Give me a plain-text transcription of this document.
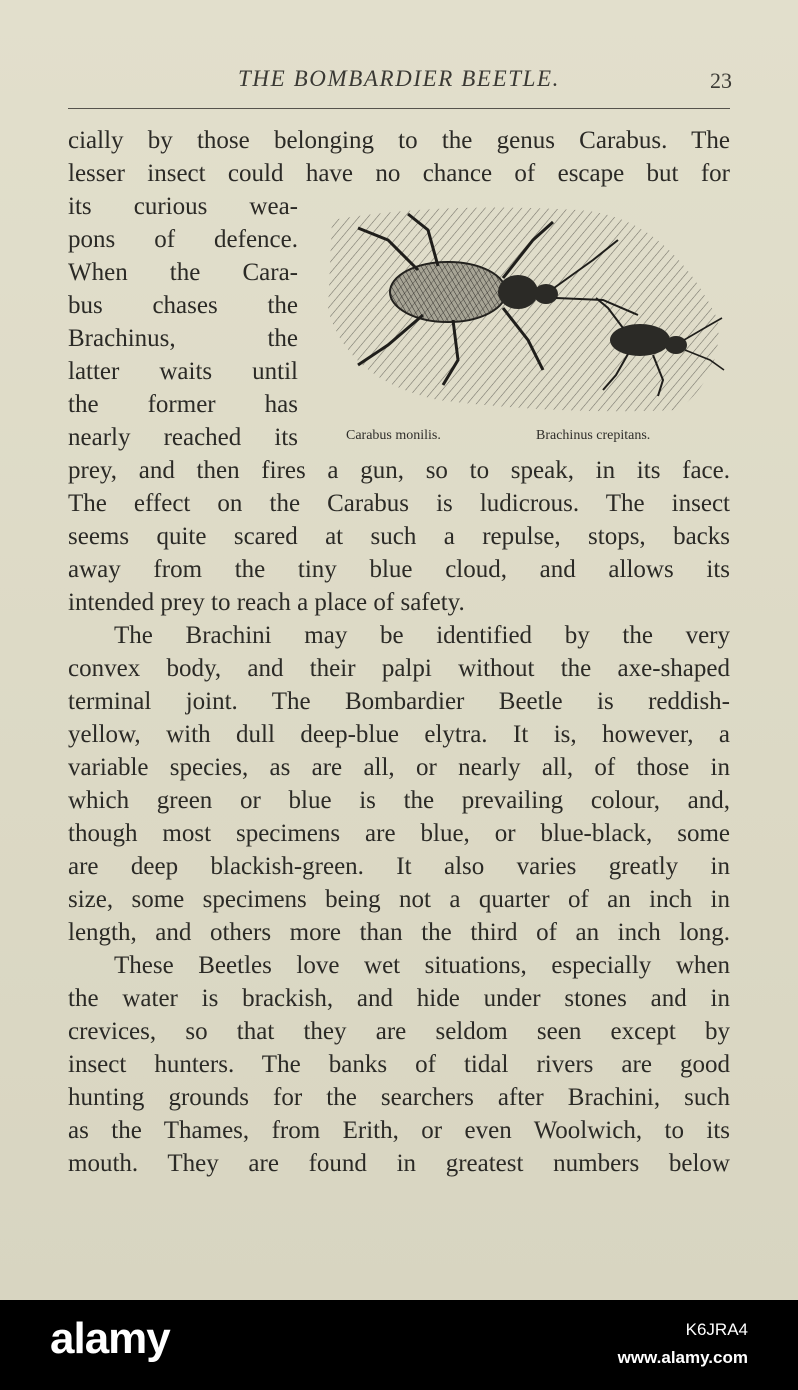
THE BOMBARDIER BEETLE.	23
cially by those belonging to the genus Carabus. The
lesser insect could have no chance of escape but for
its curious wea-
pons of defence.
When the Cara-
bus chases the
Brachinus, the
latter waits until
the former has
nearly reached its
prey, and then fires a gun, so to speak, in its face.
The effect on the Carabus is ludicrous. The insect
seems quite scared at such a repulse, stops, backs
away from the tiny blue cloud, and allows its
intended prey to reach a place of safety.
The Brachini may be identified by the very
convex body, and their palpi without the axe-shaped
terminal joint. The Bombardier Beetle is reddish-
yellow, with dull deep-blue elytra. It is, however, a
variable species, as are all, or nearly all, of those in
which green or blue is the prevailing colour, and,
though most specimens are blue, or blue-black, some
are deep blackish-green. It also varies greatly in
size, some specimens being not a quarter of an inch in
length, and others more than the third of an inch long.
These Beetles love wet situations, especially when
the water is brackish, and hide under stones and in
crevices, so that they are seldom seen except by
insect hunters. The banks of tidal rivers are good
hunting grounds for the searchers after Brachini, such
as the Thames, from Erith, or even Woolwich, to its
mouth. They are found in greatest numbers below
Carabus monilis.	Brachinus crepitans.
alamy	K6JRA4
www.alamy.com
